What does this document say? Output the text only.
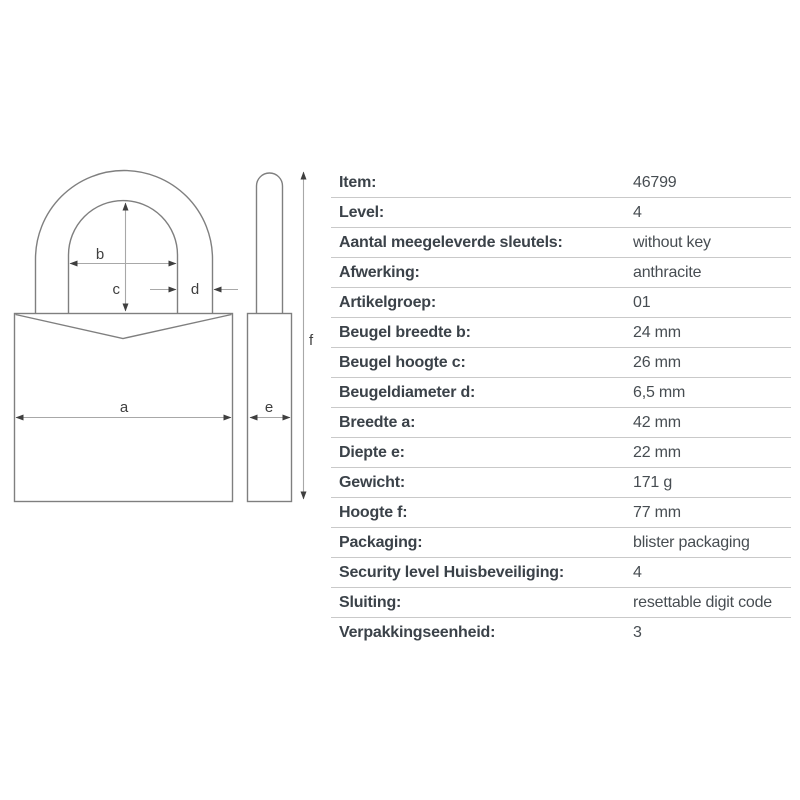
b
c	d
a	e
f
Item:	46799
Level:	4
Aantal meegeleverde sleutels:	without key
Afwerking:	anthracite
Artikelgroep:	01
Beugel breedte b:	24 mm
Beugel hoogte c:	26 mm
Beugeldiameter d:	6,5 mm
Breedte a:	42 mm
Diepte e:	22 mm
Gewicht:	171 g
Hoogte f:	77 mm
Packaging:	blister packaging
Security level Huisbeveiliging:	4
Sluiting:	resettable digit code
Verpakkingseenheid:	3
